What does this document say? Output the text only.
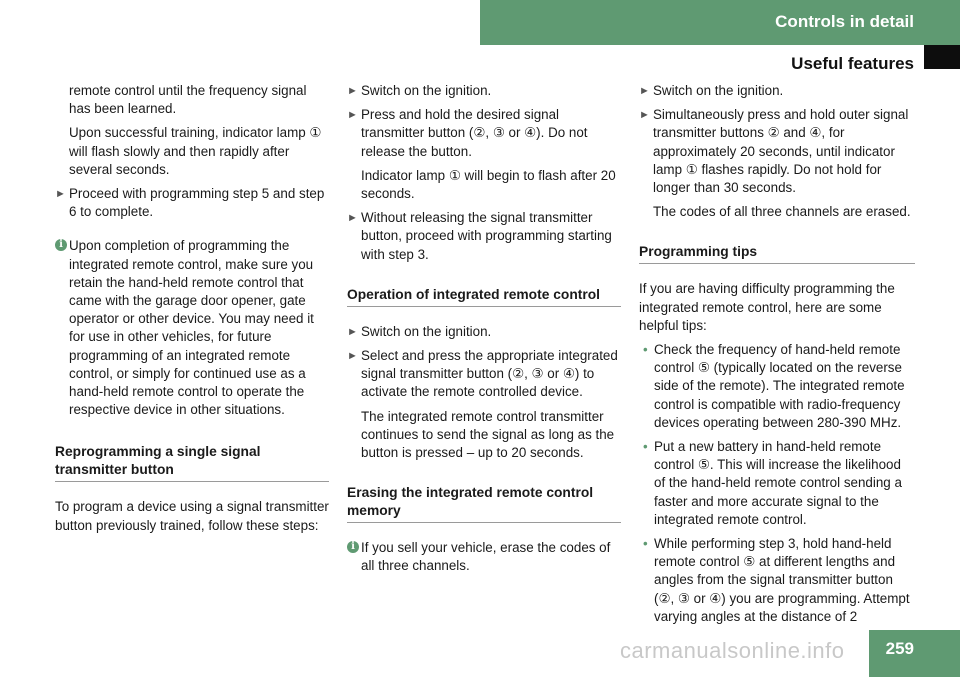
Controls in detail
Useful features

remote control until the frequency signal has been learned.

Upon successful training, indicator lamp ① will flash slowly and then rapidly after several seconds.

► Proceed with programming step 5 and step 6 to complete.
i Upon completion of programming the integrated remote control, make sure you retain the hand-held remote control that came with the garage door opener, gate operator or other device. You may need it for use in other vehicles, for future programming of an integrated remote control, or simply for continued use as a hand-held remote control to operate the respective device in other situations.
Reprogramming a single signal transmitter button

To program a device using a signal transmitter button previously trained, follow these steps:

► Switch on the ignition.
► Press and hold the desired signal transmitter button (②, ③ or ④). Do not release the button.

Indicator lamp ① will begin to flash after 20 seconds.

► Without releasing the signal transmitter button, proceed with programming starting with step 3.
Operation of integrated remote control
► Switch on the ignition.
► Select and press the appropriate integrated signal transmitter button (②, ③ or ④) to activate the remote controlled device.

The integrated remote control transmitter continues to send the signal as long as the button is pressed – up to 20 seconds.

Erasing the integrated remote control memory
i If you sell your vehicle, erase the codes of all three channels.
► Switch on the ignition.
► Simultaneously press and hold outer signal transmitter buttons ② and ④, for approximately 20 seconds, until indicator lamp ① flashes rapidly. Do not hold for longer than 30 seconds.

The codes of all three channels are erased.

Programming tips

If you are having difficulty programming the integrated remote control, here are some helpful tips:

• Check the frequency of hand-held remote control ⑤ (typically located on the reverse side of the remote). The integrated remote control is compatible with radio-frequency devices operating between 280-390 MHz.
• Put a new battery in hand-held remote control ⑤. This will increase the likelihood of the hand-held remote control sending a faster and more accurate signal to the integrated remote control.
• While performing step 3, hold hand-held remote control ⑤ at different lengths and angles from the signal transmitter button (②, ③ or ④) you are programming. Attempt varying angles at the distance of 2
carmanualsonline.info 259
